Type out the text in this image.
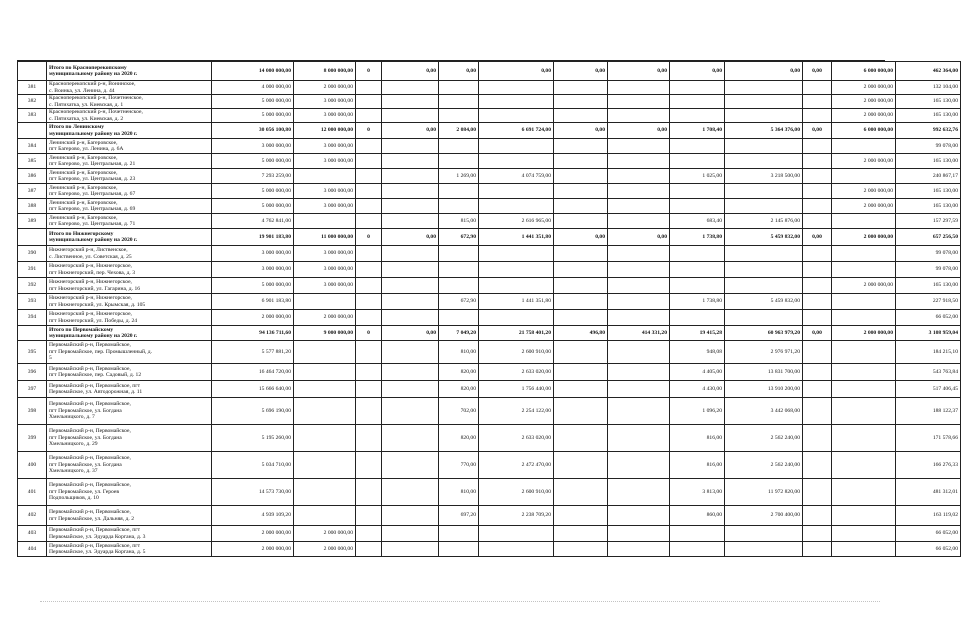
	Итого по Красноперекопскому
муниципальному району на 2020 г.	14 000 000,00	8 000 000,00	0	0,00	0,00	0,00	0,00	0,00	0,00	0,00	0,00	6 000 000,00	462 364,00
381	Красноперекопский р-н, Вонинское,
с. Воинка, ул. Ленина, д. 44	4 000 000,00	2 000 000,00										2 000 000,00	132 104,00
382	Красноперекопский р-н, Почетненское,
с. Пятихатка, ул. Киевская, д. 1	5 000 000,00	3 000 000,00										2 000 000,00	165 130,00
383	Красноперекопский р-н, Почетненское,
с. Пятихатка, ул. Киевская, д. 2	5 000 000,00	3 000 000,00										2 000 000,00	165 130,00

	Итого по Ленинскому
муниципальному району на 2020 г.	30 056 100,80	12 000 000,00	0	0,00	2 084,00	6 691 724,00	0,00	0,00	1 708,40	5 364 376,00	0,00	6 000 000,00	992 632,76
384	Ленинский р-н, Багеровское,
пгт Багерово, ул. Ленина, д. 6А	3 000 000,00	3 000 000,00											99 078,00
385	Ленинский р-н, Багеровское,
пгт Багерово, ул. Центральная, д. 21	5 000 000,00	3 000 000,00										2 000 000,00	165 130,00
386	Ленинский р-н, Багеровское,
пгт Багерово, ул. Центральная, д. 23	7 293 259,00				1 269,00	4 074 759,00			1 025,00	3 218 500,00			240 867,17
387	Ленинский р-н, Багеровское,
пгт Багерово, ул. Центральная, д. 67	5 000 000,00	3 000 000,00										2 000 000,00	165 130,00
388	Ленинский р-н, Багеровское,
пгт Багерово, ул. Центральная, д. 69	5 000 000,00	3 000 000,00										2 000 000,00	165 130,00
389	Ленинский р-н, Багеровское,
пгт Багерово, ул. Центральная, д. 71	4 762 841,00				815,00	2 616 965,00			683,40	2 145 876,00			157 297,59

	Итого по Нижнегорскому
муниципальному району на 2020 г.	19 901 183,80	11 000 000,00	0	0,00	672,90	1 441 351,80	0,00	0,00	1 738,80	5 459 832,00	0,00	2 000 000,00	657 256,50
390	Нижнегорский р-н, Лиственское,
с. Лиственное, ул. Советская, д. 25	3 000 000,00	3 000 000,00											99 078,00
391	Нижнегорский р-н, Нижнегорское,
пгт Нижнегорский, пер. Чехова, д. 3	3 000 000,00	3 000 000,00											99 078,00
392	Нижнегорский р-н, Нижнегорское,
пгт Нижнегорский, ул. Гагарина, д. 16	5 000 000,00	3 000 000,00										2 000 000,00	165 130,00
393	Нижнегорский р-н, Нижнегорское,
пгт Нижнегорский, ул. Крымская, д. 105	6 901 183,80				672,90	1 441 351,80			1 738,80	5 459 832,00			227 918,50
394	Нижнегорский р-н, Нижнегорское,
пгт Нижнегорский, ул. Победы, д. 24	2 000 000,00	2 000 000,00											66 052,00

	Итого по Первомайскому
муниципальному району на 2020 г.	94 136 711,60	9 000 000,00	0	0,00	7 049,20	21 758 401,20	496,80	414 331,20	19 415,28	60 963 979,20	0,00	2 000 000,00	3 108 959,04
395	Первомайский р-н, Первомайское,
пгт Первомайское, пер. Промышленный, д.
5	5 577 881,20				810,00	2 600 910,00			948,08	2 976 971,20			184 215,10
396	Первомайский р-н, Первомайское,
пгт Первомайское, пер. Садовый, д. 12	16 464 720,00				820,00	2 633 020,00			4 405,00	13 831 700,00			543 763,84
397	Первомайский р-н, Первомайское, пгт
Первомайское, ул. Автодорожная, д. 11	15 666 640,00				820,00	1 756 440,00			4 430,00	13 910 200,00			517 406,45
398	Первомайский р-н, Первомайское,
пгт Первомайское, ул. Богдана
Хмельницкого, д. 7	5 696 190,00				702,00	2 254 122,00			1 096,20	3 442 068,00			188 122,37
399	Первомайский р-н, Первомайское,
пгт Первомайское, ул. Богдана
Хмельницкого, д. 29	5 195 260,00				820,00	2 633 020,00			816,00	2 562 240,00			171 578,66
400	Первомайский р-н, Первомайское,
пгт Первомайское, ул. Богдана
Хмельницкого, д. 37	5 034 710,00				770,00	2 472 470,00			816,00	2 562 240,00			166 276,33
401	Первомайский р-н, Первомайское,
пгт Первомайское, ул. Героев
Подпольщиков, д. 10	14 573 730,00				810,00	2 600 910,00			3 813,00	11 972 820,00			481 312,01
402	Первомайский р-н, Первомайское,
пгт Первомайское, ул. Дальняя, д. 2	4 939 109,20				697,20	2 238 709,20			860,00	2 700 400,00			163 119,02
403	Первомайский р-н, Первомайское, пгт
Первомайское, ул. Эдуарда Коргана, д. 3	2 000 000,00	2 000 000,00											66 052,00
404	Первомайский р-н, Первомайское, пгт
Первомайское, ул. Эдуарда Коргана, д. 5	2 000 000,00	2 000 000,00											66 052,00
